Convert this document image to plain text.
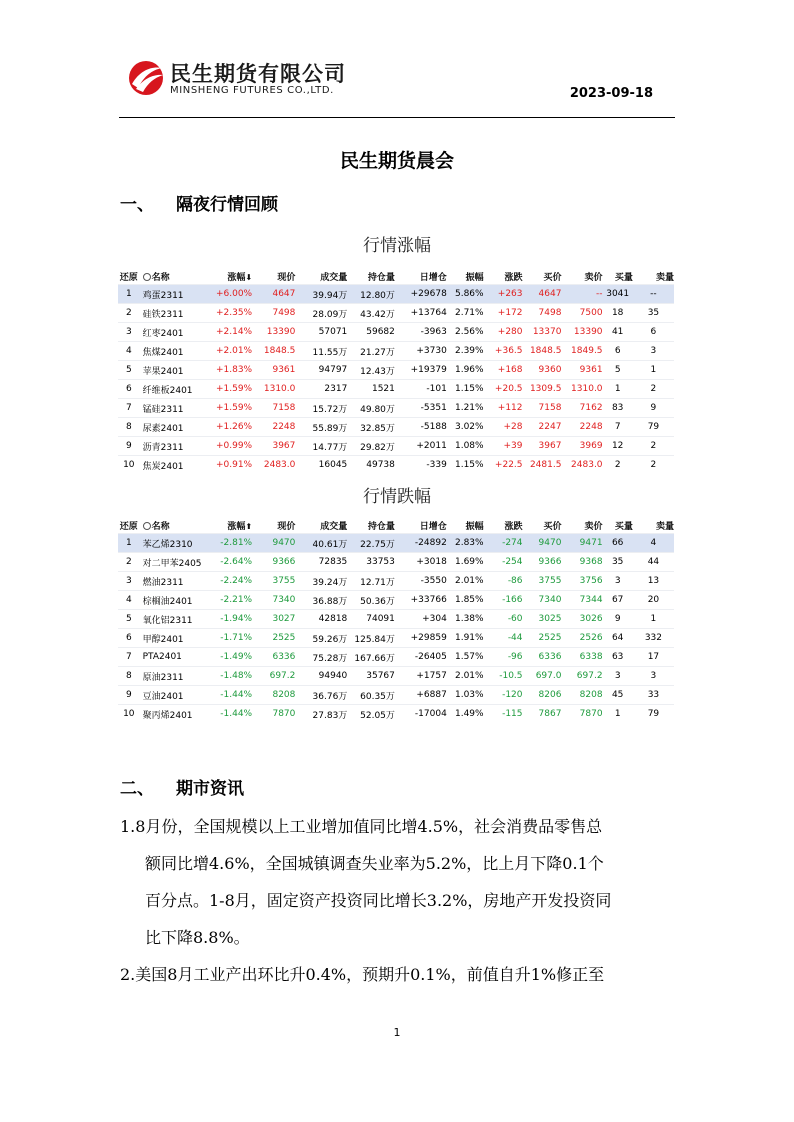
民生期货有限公司
MINSHENG FUTURES CO.,LTD.	2023-09-18
民生期货晨会
一、 隔夜行情回顾
行情涨幅
还原	名称	涨幅⬇	现价	成交量	持仓量	日增仓	振幅	涨跌	买价	卖价	买量	卖量
1	鸡蛋2311	+6.00%	4647	39.94万	12.80万	+29678	5.86%	+263	4647	--	3041	--
2	硅铁2311	+2.35%	7498	28.09万	43.42万	+13764	2.71%	+172	7498	7500	18	35
3	红枣2401	+2.14%	13390	57071	59682	-3963	2.56%	+280	13370	13390	41	6
4	焦煤2401	+2.01%	1848.5	11.55万	21.27万	+3730	2.39%	+36.5	1848.5	1849.5	6	3
5	苹果2401	+1.83%	9361	94797	12.43万	+19379	1.96%	+168	9360	9361	5	1
6	纤维板2401	+1.59%	1310.0	2317	1521	-101	1.15%	+20.5	1309.5	1310.0	1	2
7	锰硅2311	+1.59%	7158	15.72万	49.80万	-5351	1.21%	+112	7158	7162	83	9
8	尿素2401	+1.26%	2248	55.89万	32.85万	-5188	3.02%	+28	2247	2248	7	79
9	沥青2311	+0.99%	3967	14.77万	29.82万	+2011	1.08%	+39	3967	3969	12	2
10	焦炭2401	+0.91%	2483.0	16045	49738	-339	1.15%	+22.5	2481.5	2483.0	2	2
行情跌幅
还原	名称	涨幅⬆	现价	成交量	持仓量	日增仓	振幅	涨跌	买价	卖价	买量	卖量
1	苯乙烯2310	-2.81%	9470	40.61万	22.75万	-24892	2.83%	-274	9470	9471	66	4
2	对二甲苯2405	-2.64%	9366	72835	33753	+3018	1.69%	-254	9366	9368	35	44
3	燃油2311	-2.24%	3755	39.24万	12.71万	-3550	2.01%	-86	3755	3756	3	13
4	棕榈油2401	-2.21%	7340	36.88万	50.36万	+33766	1.85%	-166	7340	7344	67	20
5	氧化铝2311	-1.94%	3027	42818	74091	+304	1.38%	-60	3025	3026	9	1
6	甲醇2401	-1.71%	2525	59.26万	125.84万	+29859	1.91%	-44	2525	2526	64	332
7	PTA2401	-1.49%	6336	75.28万	167.66万	-26405	1.57%	-96	6336	6338	63	17
8	原油2311	-1.48%	697.2	94940	35767	+1757	2.01%	-10.5	697.0	697.2	3	3
9	豆油2401	-1.44%	8208	36.76万	60.35万	+6887	1.03%	-120	8206	8208	45	33
10	聚丙烯2401	-1.44%	7870	27.83万	52.05万	-17004	1.49%	-115	7867	7870	1	79
二、 期市资讯
1.8月份，全国规模以上工业增加值同比增4.5%，社会消费品零售总
额同比增4.6%，全国城镇调查失业率为5.2%，比上月下降0.1个
百分点。1-8月，固定资产投资同比增长3.2%，房地产开发投资同
比下降8.8%。
2.美国8月工业产出环比升0.4%，预期升0.1%，前值自升1%修正至
1
